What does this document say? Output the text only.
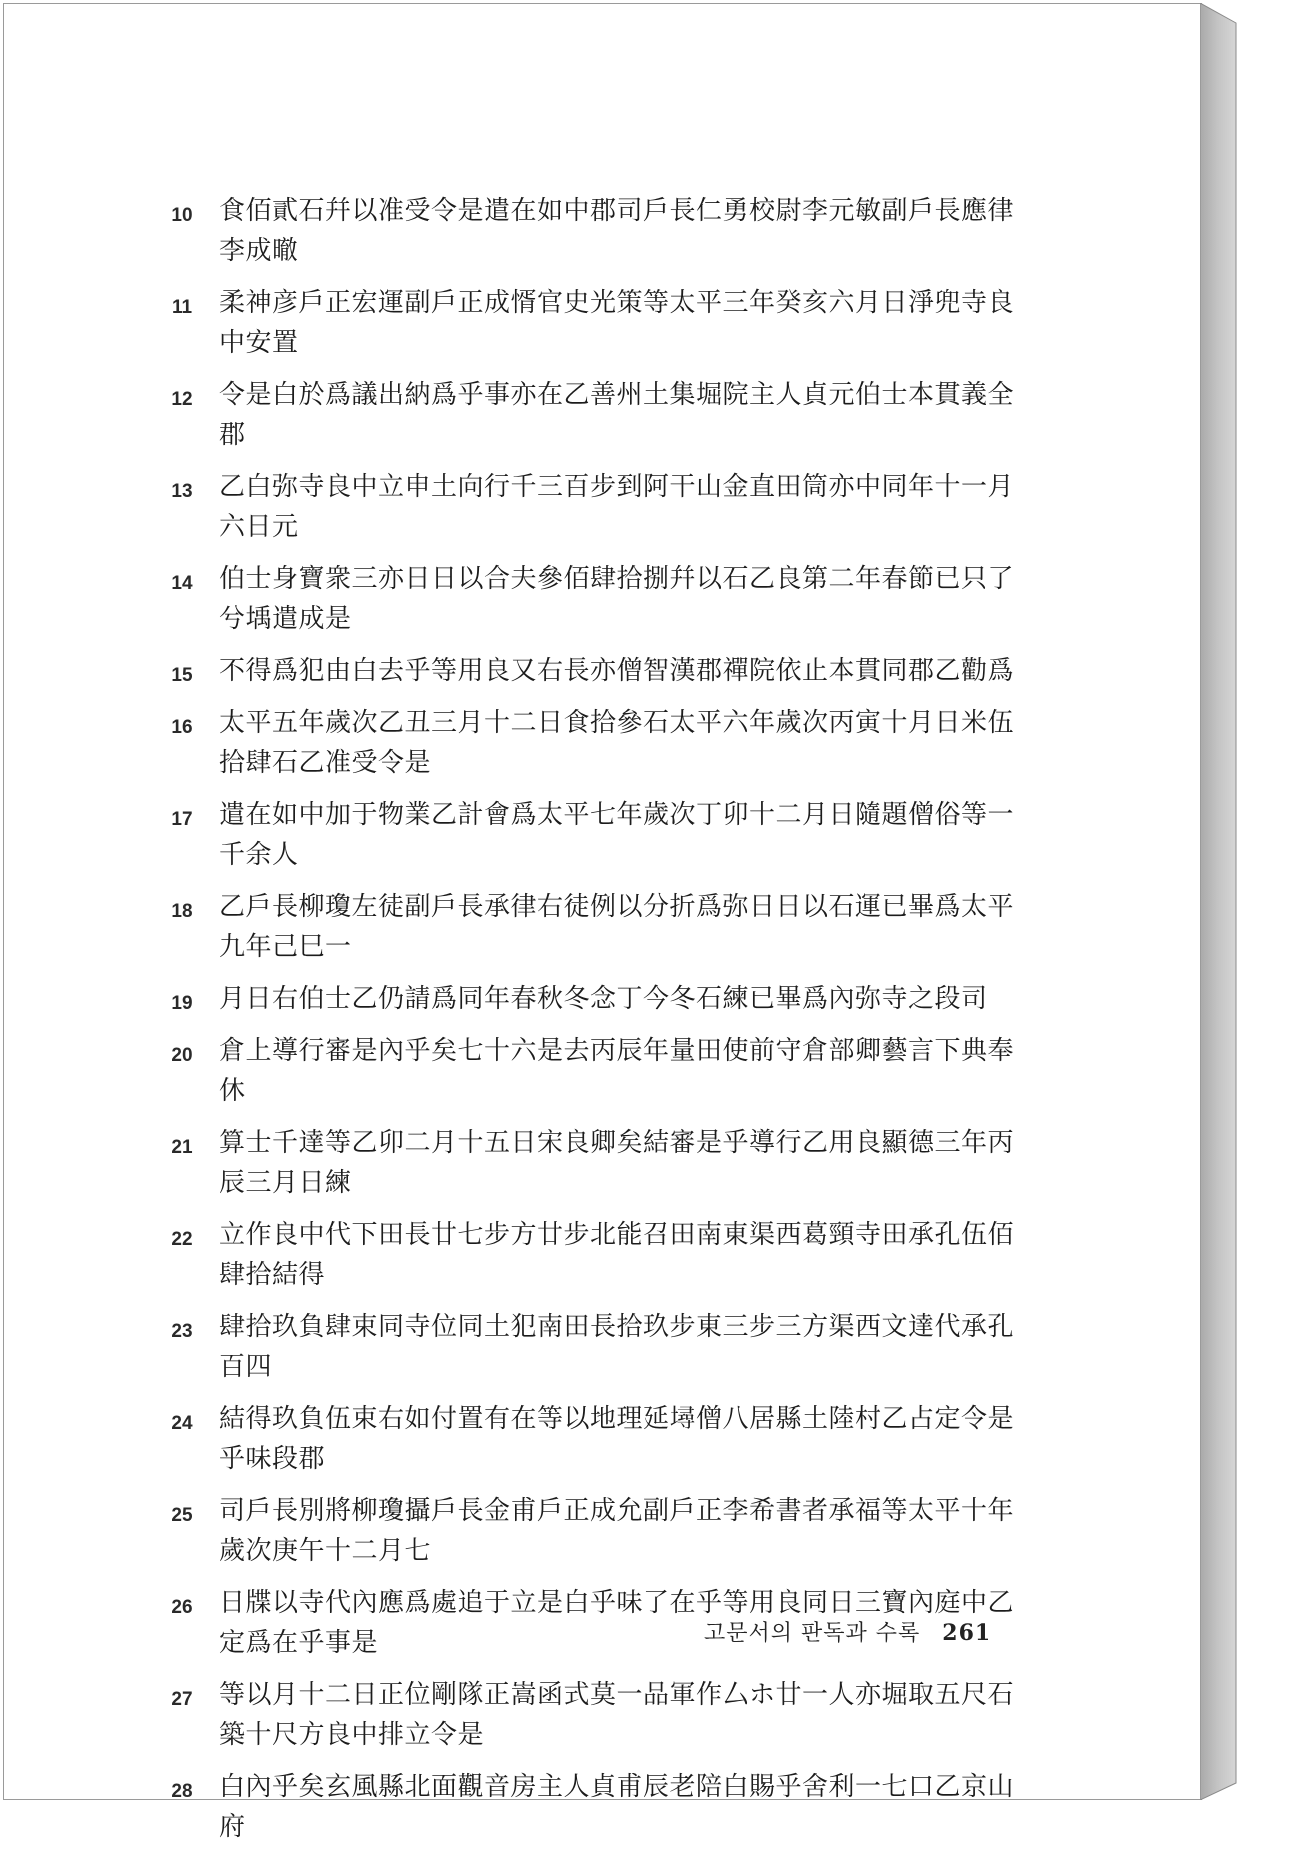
10 食佰貳石幷以准受令是遣在如中郡司戶長仁勇校尉李元敏副戶長應律李成㬚
11 柔神彦戶正宏運副戶正成㥠官史光策等太平三年癸亥六月日淨兜寺良中安置
12 令是白於爲議出納爲乎事亦在乙善州土集堀院主人貞元伯士本貫義全郡
13 乙白弥寺良中立申土向行千三百步到阿干山金直田筒亦中同年十一月六日元
14 伯士身寶衆三亦日日以合夫參佰肆拾捌幷以石乙良第二年春節已只了兮㙖遣成是
15 不得爲犯由白去乎等用良又右長亦僧智漢郡禪院依止本貫同郡乙勸爲
16 太平五年歲次乙丑三月十二日食拾參石太平六年歲次丙寅十月日米伍拾肆石乙准受令是
17 遣在如中加于物業乙計會爲太平七年歲次丁卯十二月日隨題僧俗等一千余人
18 乙戶長柳瓊左徒副戶長承律右徒例以分折爲弥日日以石運已畢爲太平九年己巳一
19 月日右伯士乙仍請爲同年春秋冬念丁今冬石練已畢爲內弥寺之段司
20 倉上導行審是內乎矣七十六是去丙辰年量田使前守倉部卿藝言下典奉休
21 算士千達等乙卯二月十五日宋良卿矣結審是乎導行乙用良顯德三年丙辰三月日練
22 立作良中代下田長廿七步方廿步北能召田南東渠西葛頸寺田承孔伍佰肆拾結得
23 肆拾玖負肆束同寺位同土犯南田長拾玖步東三步三方渠西文達代承孔百四
24 結得玖負伍束右如付置有在等以地理延𡑎僧八居縣土陸村乙占定令是乎味段郡
25 司戶長別將柳瓊攝戶長金甫戶正成允副戶正李希書者承福等太平十年歲次庚午十二月七
26 日牒以寺代內應爲處追于立是白乎味了在乎等用良同日三寶內庭中乙定爲在乎事是
27 等以月十二日正位剛隊正嵩函式莫一品軍作厶ホ廿一人亦堀取五尺石築十尺方良中排立令是
28 白內乎矣玄風縣北面觀音房主人貞甫辰老陪白賜乎舍利一七口乙京山府
고문서의 판독과 수록 261
